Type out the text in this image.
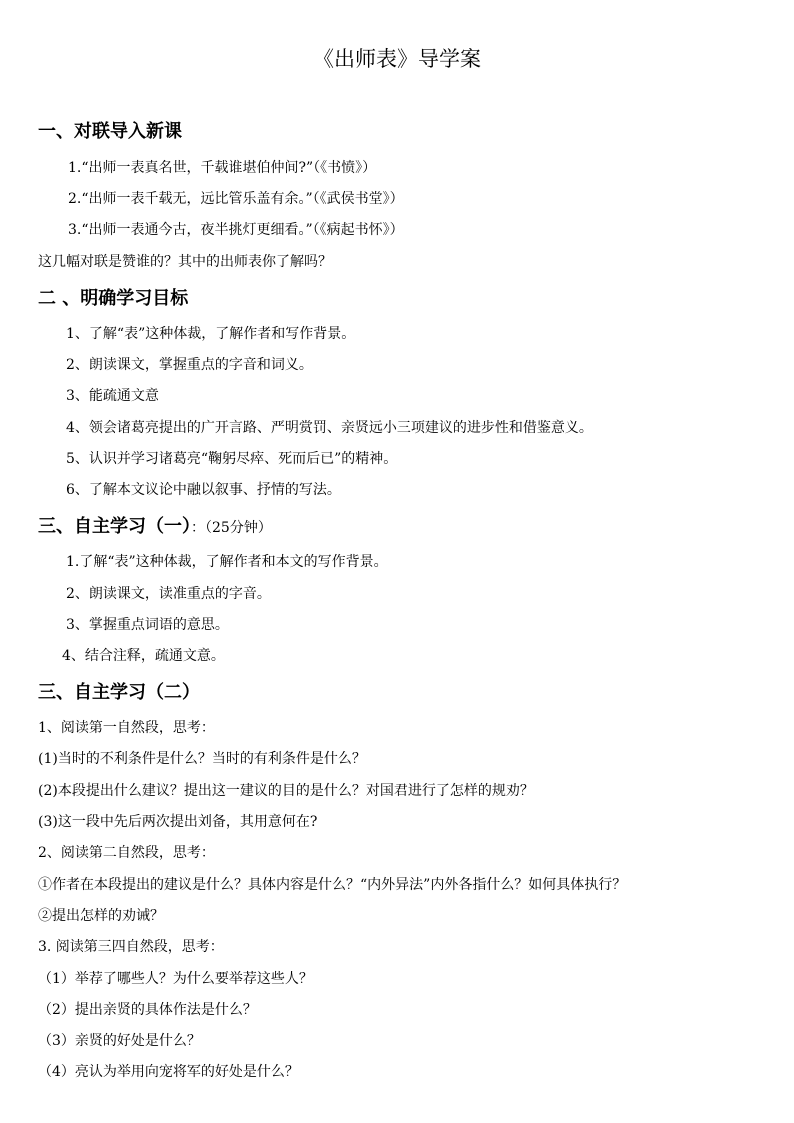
《出师表》导学案
一、对联导入新课
1.“出师一表真名世，千载谁堪伯仲间?”（《书愤》）
2.“出师一表千载无，远比管乐盖有余。”（《武侯书堂》）
3.“出师一表通今古，夜半挑灯更细看。”（《病起书怀》）
这几幅对联是赞谁的？其中的出师表你了解吗？
二 、明确学习目标
1、了解“表”这种体裁，了解作者和写作背景。
2、朗读课文，掌握重点的字音和词义。
3、能疏通文意
4、领会诸葛亮提出的广开言路、严明赏罚、亲贤远小三项建议的进步性和借鉴意义。
5、认识并学习诸葛亮“鞠躬尽瘁、死而后已”的精神。
6、了解本文议论中融以叙事、抒情的写法。
三、自主学习（一）：（25分钟）
1.了解“表”这种体裁，了解作者和本文的写作背景。
2、朗读课文，读准重点的字音。
3、掌握重点词语的意思。
4、结合注释，疏通文意。
三、自主学习（二）
1、阅读第一自然段，思考：
(1)当时的不利条件是什么？当时的有利条件是什么？
(2)本段提出什么建议？提出这一建议的目的是什么？对国君进行了怎样的规劝？
(3)这一段中先后两次提出刘备，其用意何在?
2、阅读第二自然段，思考：
①作者在本段提出的建议是什么？具体内容是什么？“内外异法”内外各指什么？如何具体执行？
②提出怎样的劝诫？
3. 阅读第三四自然段，思考：
（1）举荐了哪些人？为什么要举荐这些人？
（2）提出亲贤的具体作法是什么？
（3）亲贤的好处是什么？
（4）亮认为举用向宠将军的好处是什么？
